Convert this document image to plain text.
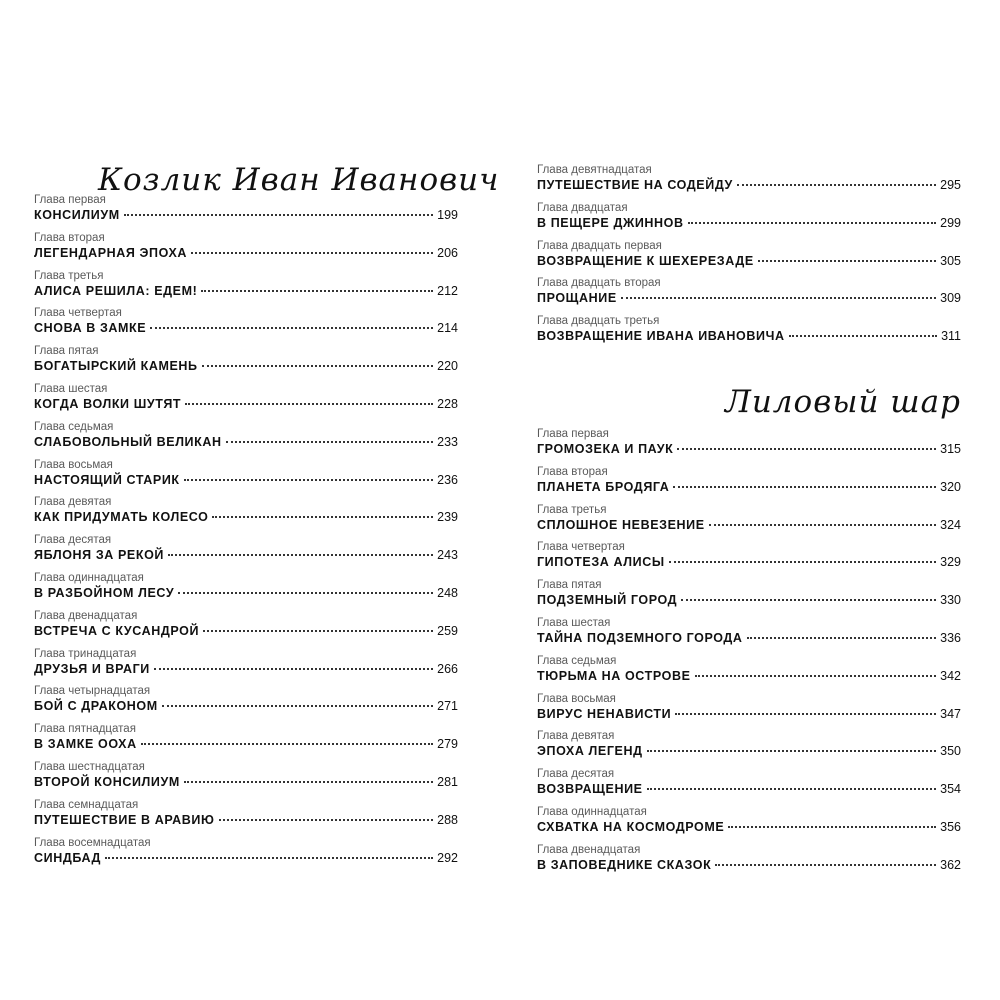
Козлик Иван Иванович
Глава первая
КОНСИЛИУМ	199
Глава вторая
ЛЕГЕНДАРНАЯ ЭПОХА	206
Глава третья
АЛИСА РЕШИЛА: ЕДЕМ!	212
Глава четвертая
СНОВА В ЗАМКЕ	214
Глава пятая
БОГАТЫРСКИЙ КАМЕНЬ	220
Глава шестая
КОГДА ВОЛКИ ШУТЯТ	228
Глава седьмая
СЛАБОВОЛЬНЫЙ ВЕЛИКАН	233
Глава восьмая
НАСТОЯЩИЙ СТАРИК	236
Глава девятая
КАК ПРИДУМАТЬ КОЛЕСО	239
Глава десятая
ЯБЛОНЯ ЗА РЕКОЙ	243
Глава одиннадцатая
В РАЗБОЙНОМ ЛЕСУ	248
Глава двенадцатая
ВСТРЕЧА С КУСАНДРОЙ	259
Глава тринадцатая
ДРУЗЬЯ И ВРАГИ	266
Глава четырнадцатая
БОЙ С ДРАКОНОМ	271
Глава пятнадцатая
В ЗАМКЕ ООХА	279
Глава шестнадцатая
ВТОРОЙ КОНСИЛИУМ	281
Глава семнадцатая
ПУТЕШЕСТВИЕ В АРАВИЮ	288
Глава восемнадцатая
СИНДБАД	292
Глава девятнадцатая
ПУТЕШЕСТВИЕ НА СОДЕЙДУ	295
Глава двадцатая
В ПЕЩЕРЕ ДЖИННОВ	299
Глава двадцать первая
ВОЗВРАЩЕНИЕ К ШЕХЕРЕЗАДЕ	305
Глава двадцать вторая
ПРОЩАНИЕ	309
Глава двадцать третья
ВОЗВРАЩЕНИЕ ИВАНА ИВАНОВИЧА	311
Лиловый шар
Глава первая
ГРОМОЗЕКА И ПАУК	315
Глава вторая
ПЛАНЕТА БРОДЯГА	320
Глава третья
СПЛОШНОЕ НЕВЕЗЕНИЕ	324
Глава четвертая
ГИПОТЕЗА АЛИСЫ	329
Глава пятая
ПОДЗЕМНЫЙ ГОРОД	330
Глава шестая
ТАЙНА ПОДЗЕМНОГО ГОРОДА	336
Глава седьмая
ТЮРЬМА НА ОСТРОВЕ	342
Глава восьмая
ВИРУС НЕНАВИСТИ	347
Глава девятая
ЭПОХА ЛЕГЕНД	350
Глава десятая
ВОЗВРАЩЕНИЕ	354
Глава одиннадцатая
СХВАТКА НА КОСМОДРОМЕ	356
Глава двенадцатая
В ЗАПОВЕДНИКЕ СКАЗОК	362
